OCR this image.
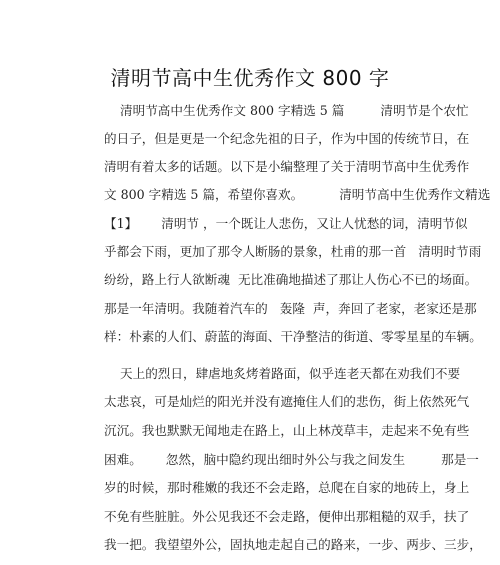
清明节高中生优秀作文 800 字
清明节高中生优秀作文 800 字精选 5 篇         清明节是个农忙
的日子，但是更是一个纪念先祖的日子，作为中国的传统节日，在
清明有着太多的话题。以下是小编整理了关于清明节高中生优秀作
文 800 字精选 5 篇，希望你喜欢。         清明节高中生优秀作文精选
【1】      清明节 ，一个既让人悲伤，又让人忧愁的词，清明节似
乎都会下雨，更加了那令人断肠的景象，杜甫的那一首   清明时节雨
纷纷，路上行人欲断魂  无比准确地描述了那让人伤心不已的场面。
那是一年清明。我随着汽车的   轰隆  声，奔回了老家，老家还是那
样：朴素的人们、蔚蓝的海面、干净整洁的街道、零零星星的车辆。
天上的烈日，肆虐地炙烤着路面，似乎连老天都在劝我们不要
太悲哀，可是灿烂的阳光并没有遮掩住人们的悲伤，街上依然死气
沉沉。我也默默无闻地走在路上，山上林茂草丰，走起来不免有些
困难。      忽然，脑中隐约现出细时外公与我之间发生         那是一
岁的时候，那时稚嫩的我还不会走路，总爬在自家的地砖上，身上
不免有些脏脏。外公见我还不会走路，便伸出那粗糙的双手，扶了
我一把。我望望外公，固执地走起自己的路来，一步、两步、三步，
